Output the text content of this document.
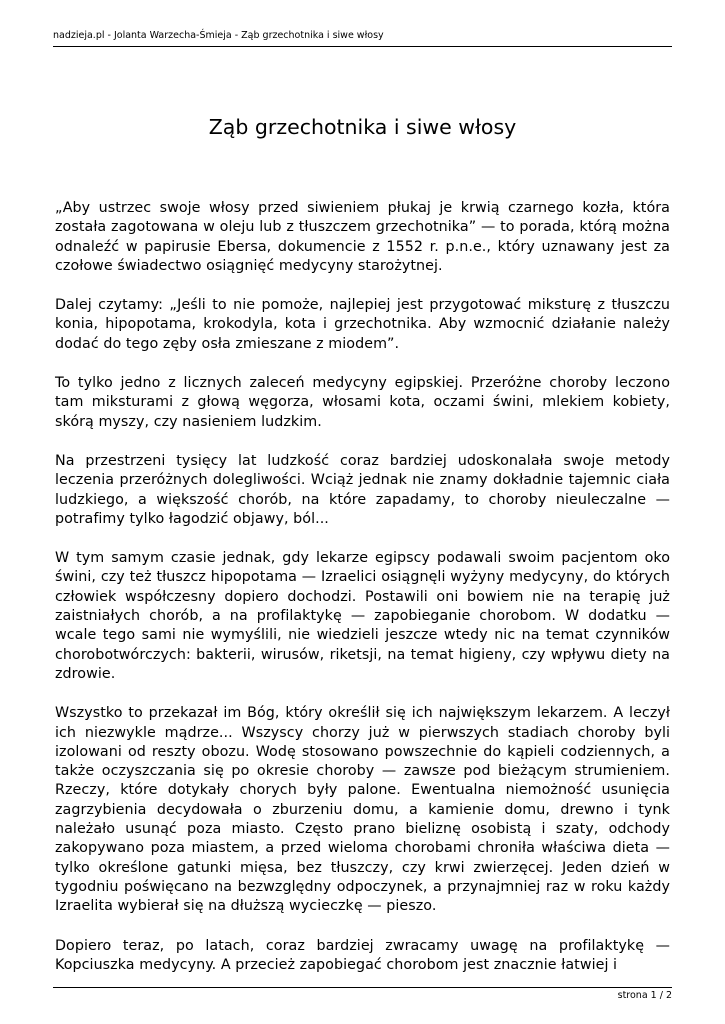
nadzieja.pl - Jolanta Warzecha-Śmieja - Ząb grzechotnika i siwe włosy
Ząb grzechotnika i siwe włosy

„Aby ustrzec swoje włosy przed siwieniem płukaj je krwią czarnego kozła, która została zagotowana w oleju lub z tłuszczem grzechotnika” — to porada, którą można odnaleźć w papirusie Ebersa, dokumencie z 1552 r. p.n.e., który uznawany jest za czołowe świadectwo osiągnięć medycyny starożytnej.

Dalej czytamy: „Jeśli to nie pomoże, najlepiej jest przygotować miksturę z tłuszczu konia, hipopotama, krokodyla, kota i grzechotnika. Aby wzmocnić działanie należy dodać do tego zęby osła zmieszane z miodem”.

To tylko jedno z licznych zaleceń medycyny egipskiej. Przeróżne choroby leczono tam miksturami z głową węgorza, włosami kota, oczami świni, mlekiem kobiety, skórą myszy, czy nasieniem ludzkim.

Na przestrzeni tysięcy lat ludzkość coraz bardziej udoskonalała swoje metody leczenia przeróżnych dolegliwości. Wciąż jednak nie znamy dokładnie tajemnic ciała ludzkiego, a większość chorób, na które zapadamy, to choroby nieuleczalne — potrafimy tylko łagodzić objawy, ból...

W tym samym czasie jednak, gdy lekarze egipscy podawali swoim pacjentom oko świni, czy też tłuszcz hipopotama — Izraelici osiągnęli wyżyny medycyny, do których człowiek współczesny dopiero dochodzi. Postawili oni bowiem nie na terapię już zaistniałych chorób, a na profilaktykę — zapobieganie chorobom. W dodatku — wcale tego sami nie wymyślili, nie wiedzieli jeszcze wtedy nic na temat czynników chorobotwórczych: bakterii, wirusów, riketsji, na temat higieny, czy wpływu diety na zdrowie.

Wszystko to przekazał im Bóg, który określił się ich największym lekarzem. A leczył ich niezwykle mądrze... Wszyscy chorzy już w pierwszych stadiach choroby byli izolowani od reszty obozu. Wodę stosowano powszechnie do kąpieli codziennych, a także oczyszczania się po okresie choroby — zawsze pod bieżącym strumieniem. Rzeczy, które dotykały chorych były palone. Ewentualna niemożność usunięcia zagrzybienia decydowała o zburzeniu domu, a kamienie domu, drewno i tynk należało usunąć poza miasto. Często prano bieliznę osobistą i szaty, odchody zakopywano poza miastem, a przed wieloma chorobami chroniła właściwa dieta — tylko określone gatunki mięsa, bez tłuszczy, czy krwi zwierzęcej. Jeden dzień w tygodniu poświęcano na bezwzględny odpoczynek, a przynajmniej raz w roku każdy Izraelita wybierał się na dłuższą wycieczkę — pieszo.

Dopiero teraz, po latach, coraz bardziej zwracamy uwagę na profilaktykę — Kopciuszka medycyny. A przecież zapobiegać chorobom jest znacznie łatwiej i

strona 1 / 2
